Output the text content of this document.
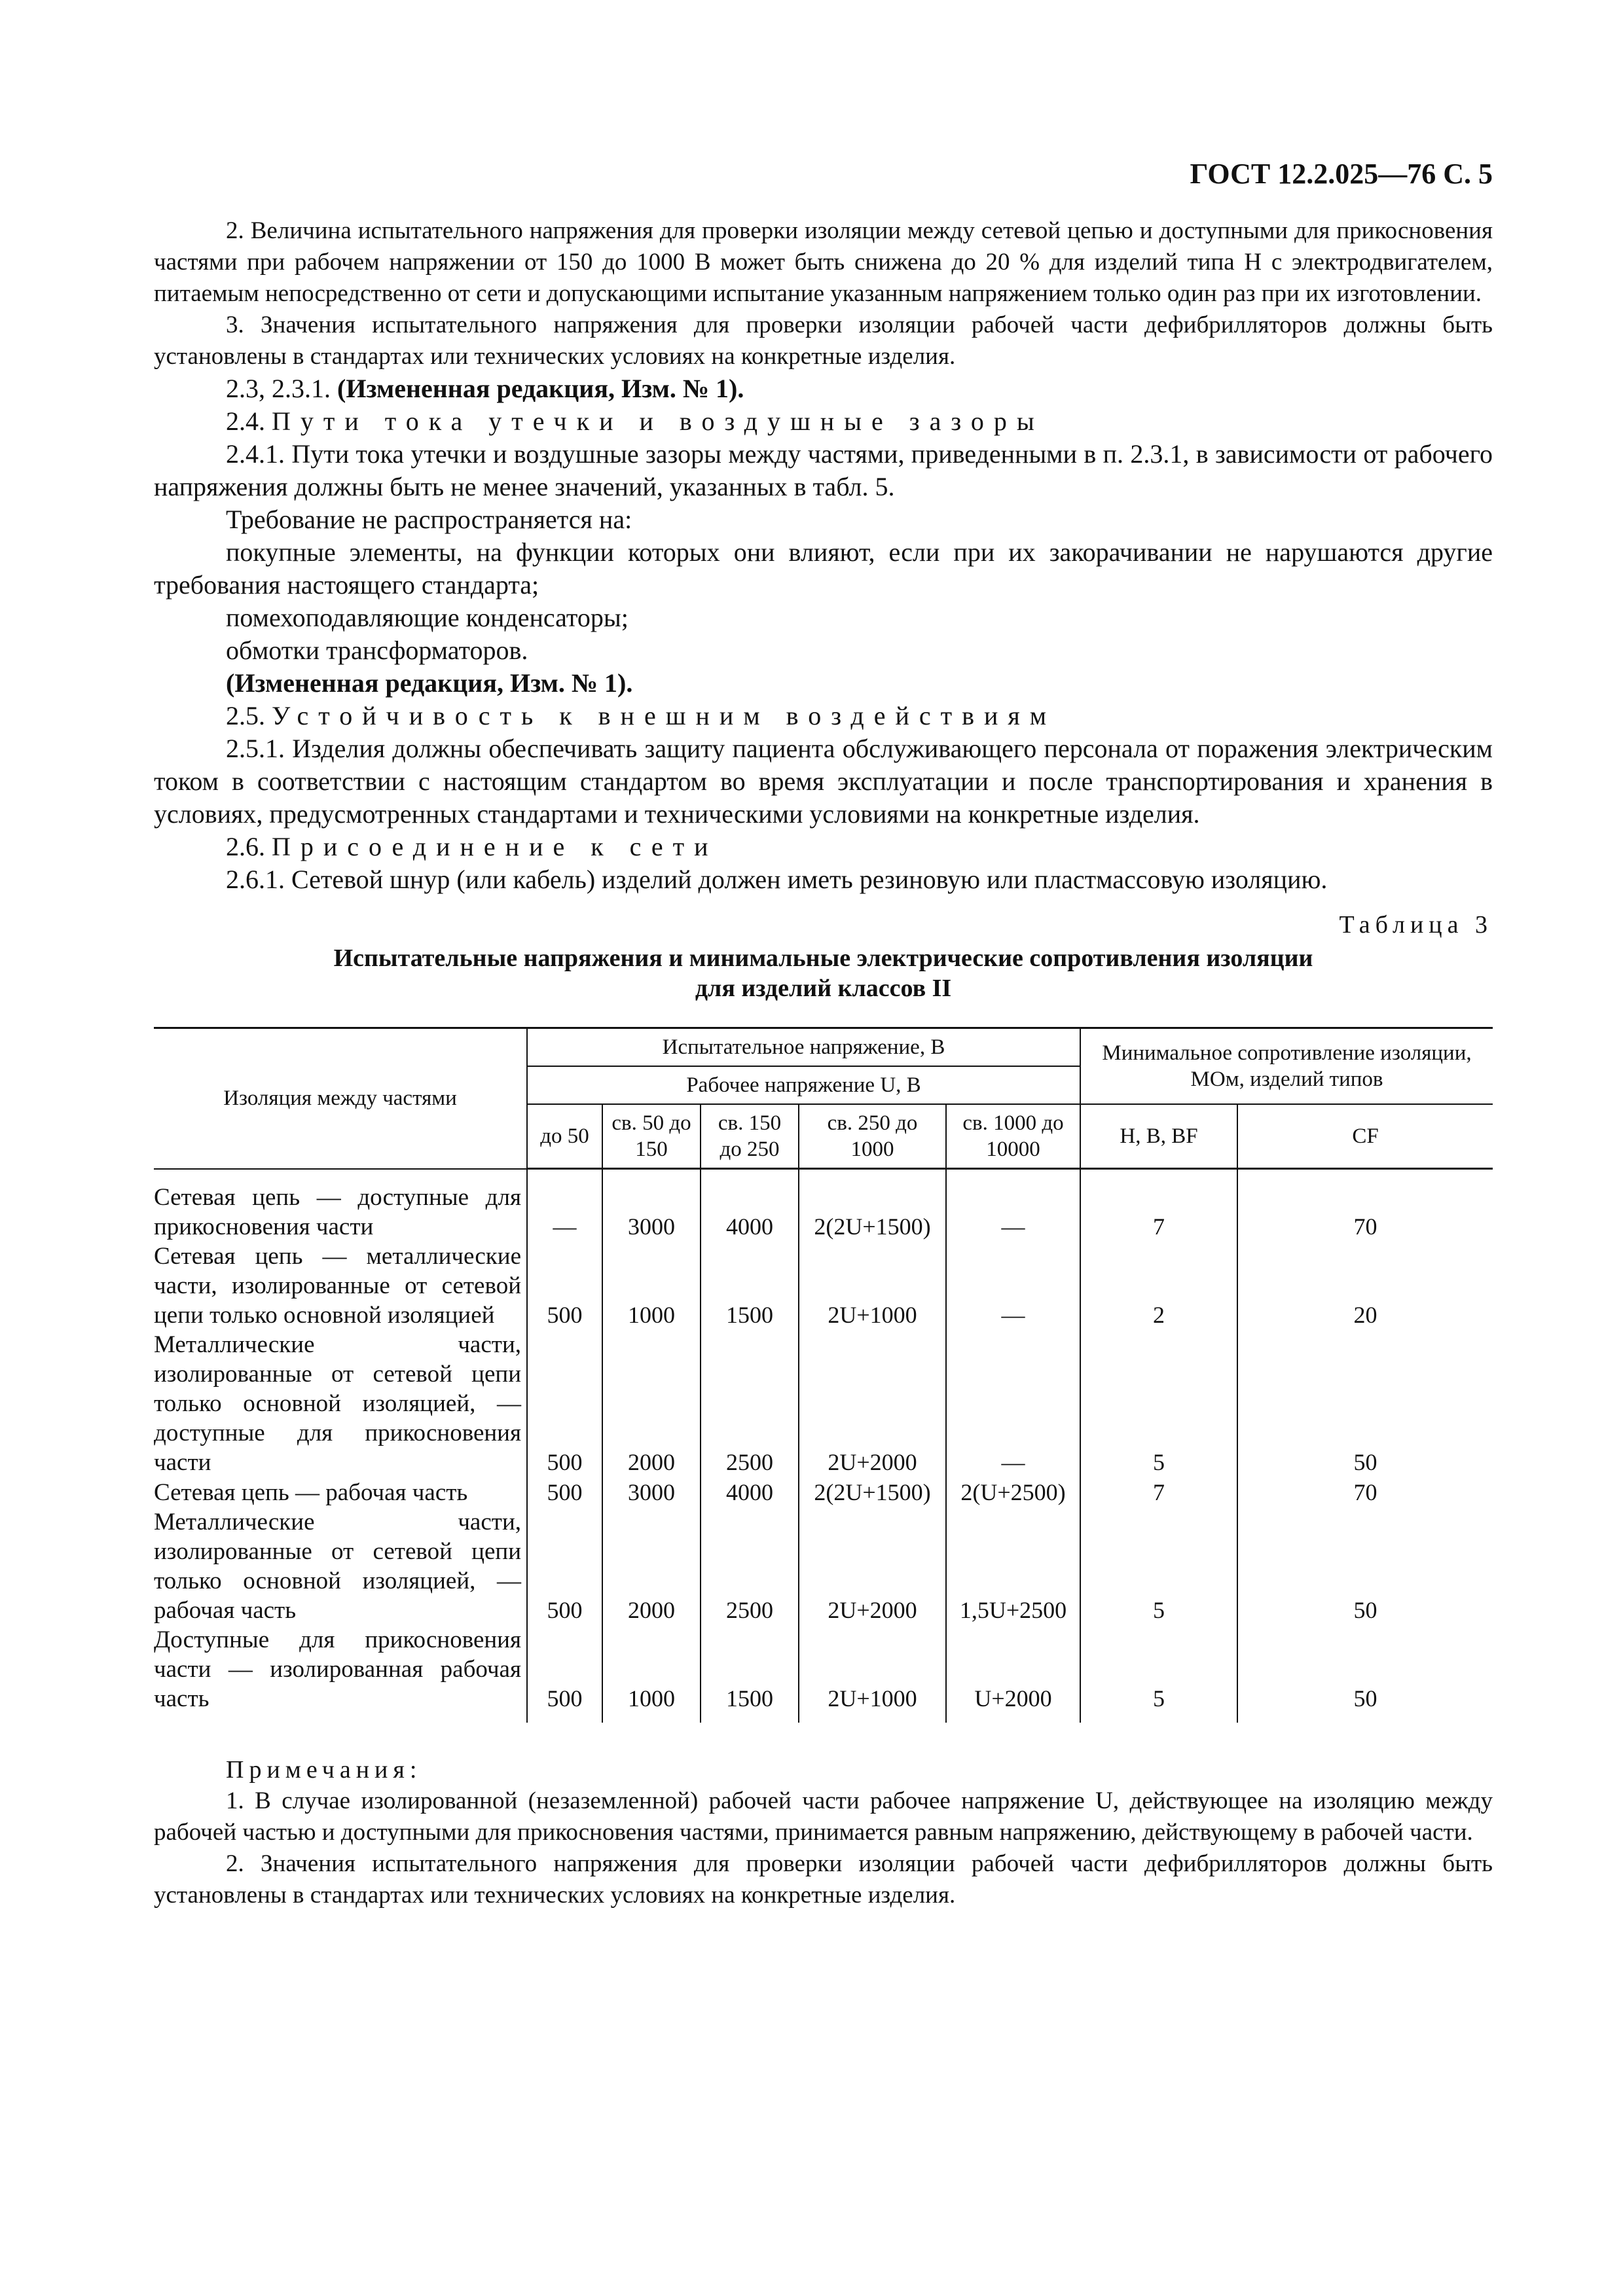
ГОСТ 12.2.025—76 С. 5

2. Величина испытательного напряжения для проверки изоляции между сетевой цепью и доступными для прикосновения частями при рабочем напряжении от 150 до 1000 В может быть снижена до 20 % для изделий типа Н с электродвигателем, питаемым непосредственно от сети и допускающими испытание указанным напряжением только один раз при их изготовлении.

3. Значения испытательного напряжения для проверки изоляции рабочей части дефибрилляторов должны быть установлены в стандартах или технических условиях на конкретные изделия.

2.3, 2.3.1. (Измененная редакция, Изм. № 1).

2.4. Пути тока утечки и воздушные зазоры

2.4.1. Пути тока утечки и воздушные зазоры между частями, приведенными в п. 2.3.1, в зависимости от рабочего напряжения должны быть не менее значений, указанных в табл. 5.

Требование не распространяется на:

покупные элементы, на функции которых они влияют, если при их закорачивании не нарушаются другие требования настоящего стандарта;

помехоподавляющие конденсаторы;

обмотки трансформаторов.

(Измененная редакция, Изм. № 1).

2.5. Устойчивость к внешним воздействиям

2.5.1. Изделия должны обеспечивать защиту пациента обслуживающего персонала от поражения электрическим током в соответствии с настоящим стандартом во время эксплуатации и после транспортирования и хранения в условиях, предусмотренных стандартами и техническими условиями на конкретные изделия.

2.6. Присоединение к сети

2.6.1. Сетевой шнур (или кабель) изделий должен иметь резиновую или пластмассовую изоляцию.

Таблица 3
Испытательные напряжения и минимальные электрические сопротивления изоляции
для изделий классов II
Изоляция между частями	Испытательное напряжение, В					Минимальное сопротивление изоляции, МОм, изделий типов	
	Рабочее напряжение U, В						
	до 50	св. 50 до 150	св. 150 до 250	св. 250 до 1000	св. 1000 до 10000	Н, В, BF	CF
Сетевая цепь — доступные для прикосновения части	—	3000	4000	2(2U+1500)	—	7	70
Сетевая цепь — металлические части, изолированные от сетевой цепи только основной изоляцией	500	1000	1500	2U+1000	—	2	20
Металлические части, изолированные от сетевой цепи только основной изоляцией, — доступные для прикосновения части	500	2000	2500	2U+2000	—	5	50
Сетевая цепь — рабочая часть	500	3000	4000	2(2U+1500)	2(U+2500)	7	70
Металлические части, изолированные от сетевой цепи только основной изоляцией, — рабочая часть	500	2000	2500	2U+2000	1,5U+2500	5	50
Доступные для прикосновения части — изолированная рабочая часть	500	1000	1500	2U+1000	U+2000	5	50

Примечания:

1. В случае изолированной (незаземленной) рабочей части рабочее напряжение U, действующее на изоляцию между рабочей частью и доступными для прикосновения частями, принимается равным напряжению, действующему в рабочей части.

2. Значения испытательного напряжения для проверки изоляции рабочей части дефибрилляторов должны быть установлены в стандартах или технических условиях на конкретные изделия.
